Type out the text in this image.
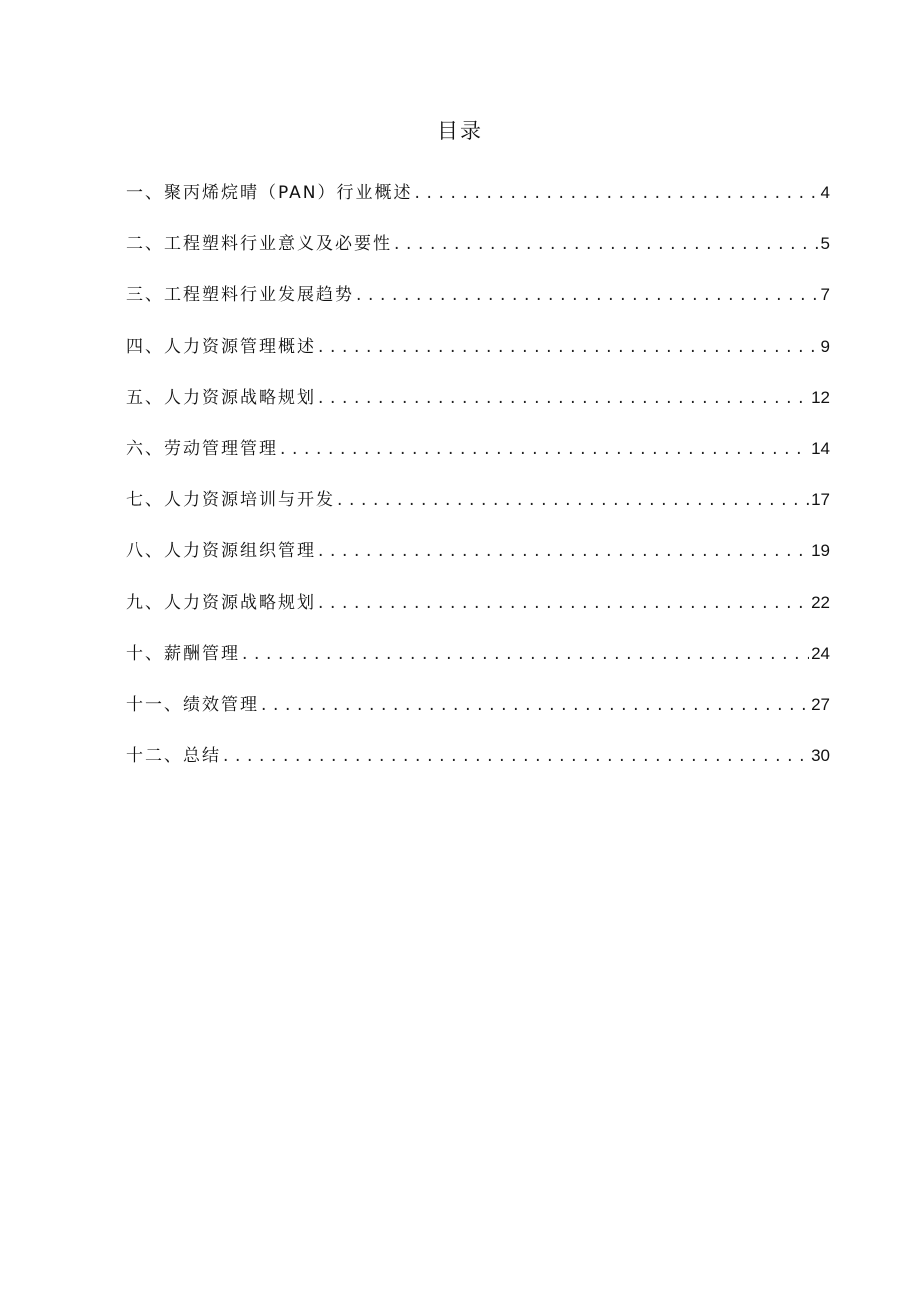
目录
一、聚丙烯烷晴（PAN）行业概述 .....	4
二、工程塑料行业意义及必要性 .....	5
三、工程塑料行业发展趋势 .....	7
四、人力资源管理概述 .....	9
五、人力资源战略规划 .....	12
六、劳动管理管理 .....	14
七、人力资源培训与开发 .....	17
八、人力资源组织管理 .....	19
九、人力资源战略规划 .....	22
十、薪酬管理 .....	24
十一、绩效管理 .....	27
十二、总结 .....	30
